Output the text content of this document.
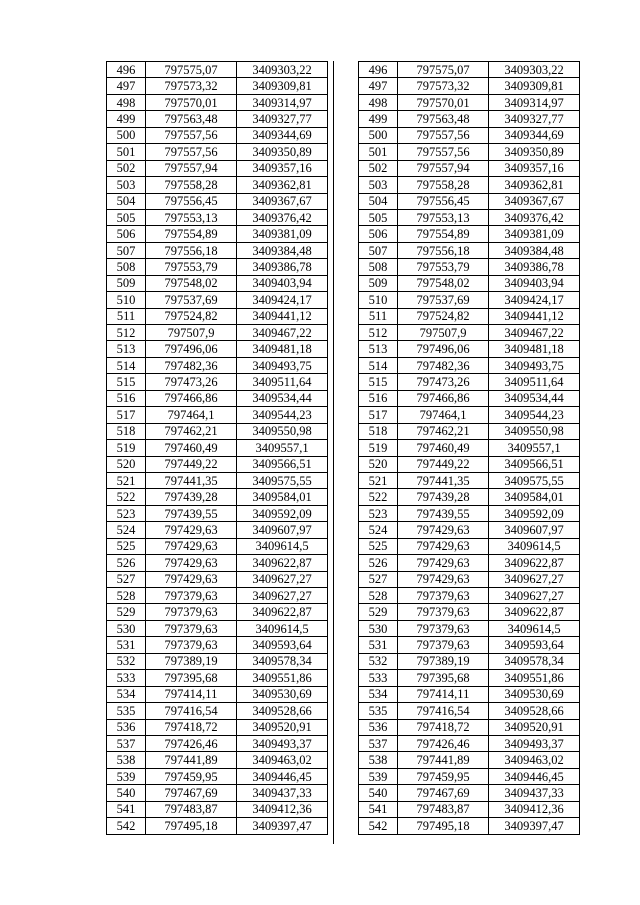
496	797575,07	3409303,22
497	797573,32	3409309,81
498	797570,01	3409314,97
499	797563,48	3409327,77
500	797557,56	3409344,69
501	797557,56	3409350,89
502	797557,94	3409357,16
503	797558,28	3409362,81
504	797556,45	3409367,67
505	797553,13	3409376,42
506	797554,89	3409381,09
507	797556,18	3409384,48
508	797553,79	3409386,78
509	797548,02	3409403,94
510	797537,69	3409424,17
511	797524,82	3409441,12
512	797507,9	3409467,22
513	797496,06	3409481,18
514	797482,36	3409493,75
515	797473,26	3409511,64
516	797466,86	3409534,44
517	797464,1	3409544,23
518	797462,21	3409550,98
519	797460,49	3409557,1
520	797449,22	3409566,51
521	797441,35	3409575,55
522	797439,28	3409584,01
523	797439,55	3409592,09
524	797429,63	3409607,97
525	797429,63	3409614,5
526	797429,63	3409622,87
527	797429,63	3409627,27
528	797379,63	3409627,27
529	797379,63	3409622,87
530	797379,63	3409614,5
531	797379,63	3409593,64
532	797389,19	3409578,34
533	797395,68	3409551,86
534	797414,11	3409530,69
535	797416,54	3409528,66
536	797418,72	3409520,91
537	797426,46	3409493,37
538	797441,89	3409463,02
539	797459,95	3409446,45
540	797467,69	3409437,33
541	797483,87	3409412,36
542	797495,18	3409397,47
496	797575,07	3409303,22
497	797573,32	3409309,81
498	797570,01	3409314,97
499	797563,48	3409327,77
500	797557,56	3409344,69
501	797557,56	3409350,89
502	797557,94	3409357,16
503	797558,28	3409362,81
504	797556,45	3409367,67
505	797553,13	3409376,42
506	797554,89	3409381,09
507	797556,18	3409384,48
508	797553,79	3409386,78
509	797548,02	3409403,94
510	797537,69	3409424,17
511	797524,82	3409441,12
512	797507,9	3409467,22
513	797496,06	3409481,18
514	797482,36	3409493,75
515	797473,26	3409511,64
516	797466,86	3409534,44
517	797464,1	3409544,23
518	797462,21	3409550,98
519	797460,49	3409557,1
520	797449,22	3409566,51
521	797441,35	3409575,55
522	797439,28	3409584,01
523	797439,55	3409592,09
524	797429,63	3409607,97
525	797429,63	3409614,5
526	797429,63	3409622,87
527	797429,63	3409627,27
528	797379,63	3409627,27
529	797379,63	3409622,87
530	797379,63	3409614,5
531	797379,63	3409593,64
532	797389,19	3409578,34
533	797395,68	3409551,86
534	797414,11	3409530,69
535	797416,54	3409528,66
536	797418,72	3409520,91
537	797426,46	3409493,37
538	797441,89	3409463,02
539	797459,95	3409446,45
540	797467,69	3409437,33
541	797483,87	3409412,36
542	797495,18	3409397,47
